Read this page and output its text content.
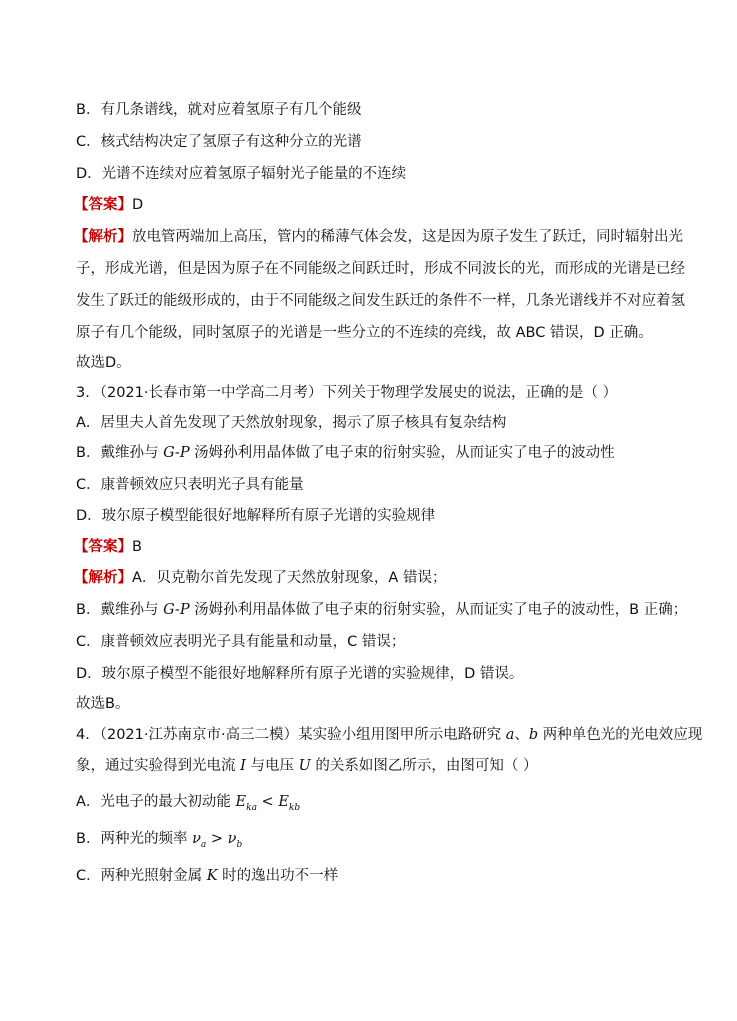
B．有几条谱线，就对应着氢原子有几个能级
C．核式结构决定了氢原子有这种分立的光谱
D．光谱不连续对应着氢原子辐射光子能量的不连续
【答案】D
【解析】放电管两端加上高压，管内的稀薄气体会发，这是因为原子发生了跃迁，同时辐射出光
子，形成光谱，但是因为原子在不同能级之间跃迁时，形成不同波长的光，而形成的光谱是已经
发生了跃迁的能级形成的，由于不同能级之间发生跃迁的条件不一样，几条光谱线并不对应着氢
原子有几个能级，同时氢原子的光谱是一些分立的不连续的亮线，故 ABC 错误，D 正确。
故选D。
3．（2021·长春市第一中学高二月考）下列关于物理学发展史的说法，正确的是（ ）
A．居里夫人首先发现了天然放射现象，揭示了原子核具有复杂结构
B．戴维孙与 G-P 汤姆孙利用晶体做了电子束的衍射实验，从而证实了电子的波动性
C．康普顿效应只表明光子具有能量
D．玻尔原子模型能很好地解释所有原子光谱的实验规律
【答案】B
【解析】A．贝克勒尔首先发现了天然放射现象，A 错误；
B．戴维孙与 G-P 汤姆孙利用晶体做了电子束的衍射实验，从而证实了电子的波动性，B 正确；
C．康普顿效应表明光子具有能量和动量，C 错误；
D．玻尔原子模型不能很好地解释所有原子光谱的实验规律，D 错误。
故选B。
4．（2021·江苏南京市·高三二模）某实验小组用图甲所示电路研究 a、b 两种单色光的光电效应现
象，通过实验得到光电流 I 与电压 U 的关系如图乙所示，由图可知（ ）
A．光电子的最大初动能 $E_{ka} < E_{kb}$
B．两种光的频率 $\nu_a > \nu_b$
C．两种光照射金属 K 时的逸出功不一样
